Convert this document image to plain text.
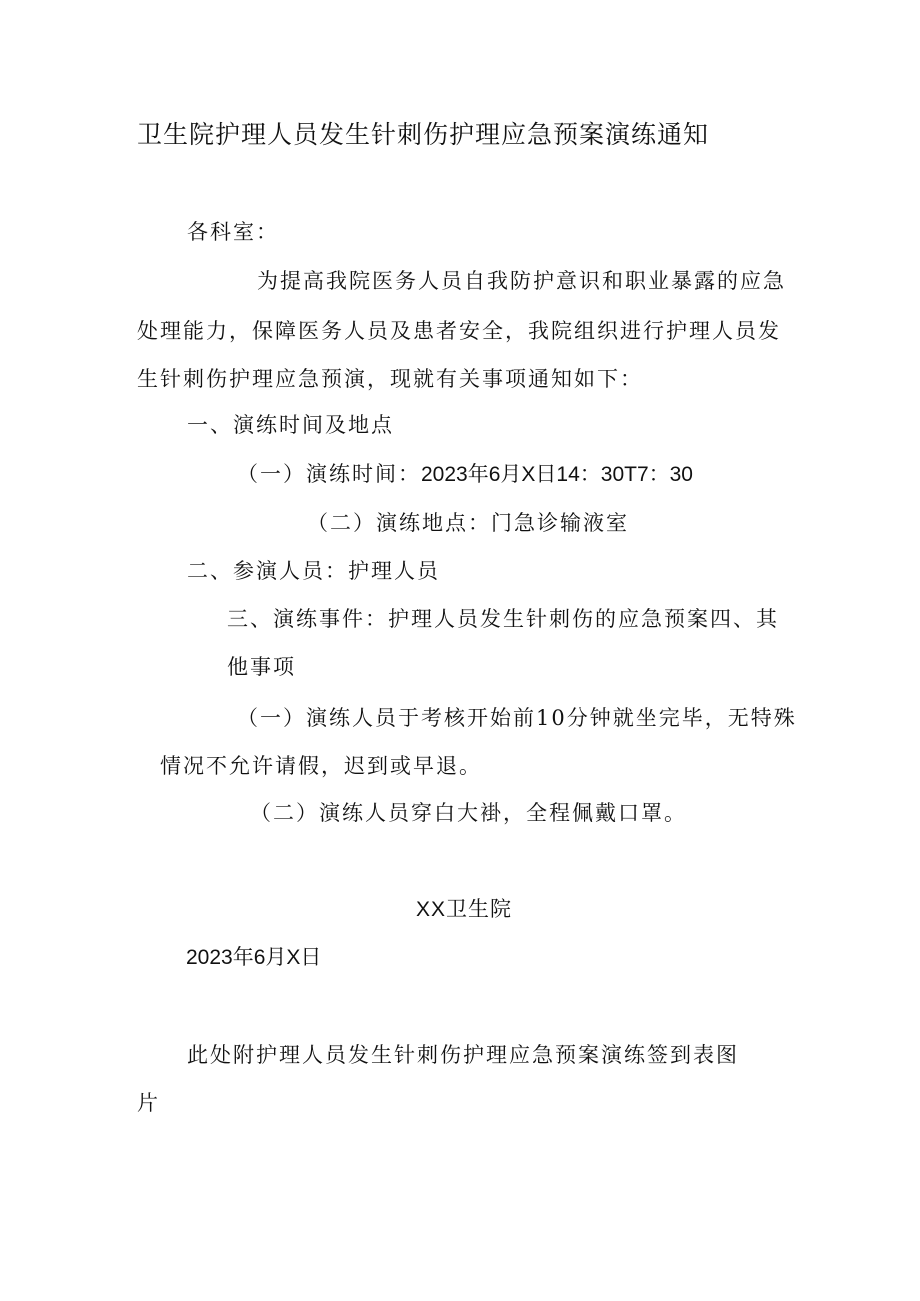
卫生院护理人员发生针刺伤护理应急预案演练通知
各科室：
为提高我院医务人员自我防护意识和职业暴露的应急
处理能力，保障医务人员及患者安全，我院组织进行护理人员发
生针刺伤护理应急预演，现就有关事项通知如下：
一、演练时间及地点
（一）演练时间：2023年6月X日14：30T7：30
（二）演练地点：门急诊输液室
二、参演人员：护理人员
三、演练事件：护理人员发生针刺伤的应急预案四、其
他事项
（一）演练人员于考核开始前10分钟就坐完毕，无特殊
情况不允许请假，迟到或早退。
（二）演练人员穿白大褂，全程佩戴口罩。
XX卫生院
2023年6月X日
此处附护理人员发生针刺伤护理应急预案演练签到表图
片
